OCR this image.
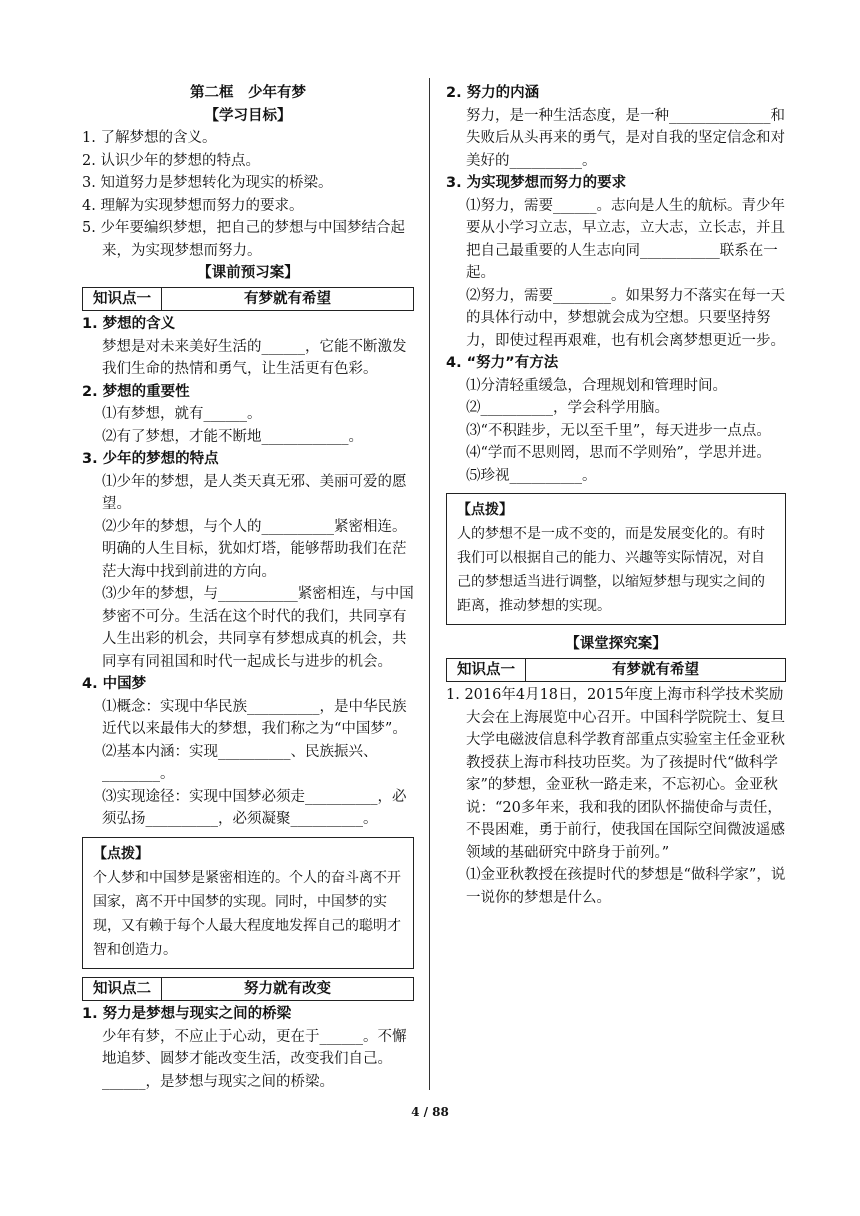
第二框　少年有梦
【学习目标】
1. 了解梦想的含义。
2. 认识少年的梦想的特点。
3. 知道努力是梦想转化为现实的桥梁。
4. 理解为实现梦想而努力的要求。
5. 少年要编织梦想，把自己的梦想与中国梦结合起来，为实现梦想而努力。
【课前预习案】
知识点一	有梦就有希望
1. 梦想的含义
梦想是对未来美好生活的______，它能不断激发我们生命的热情和勇气，让生活更有色彩。
2. 梦想的重要性
⑴有梦想，就有______。
⑵有了梦想，才能不断地____________。
3. 少年的梦想的特点
⑴少年的梦想，是人类天真无邪、美丽可爱的愿望。
⑵少年的梦想，与个人的__________紧密相连。明确的人生目标，犹如灯塔，能够帮助我们在茫茫大海中找到前进的方向。
⑶少年的梦想，与___________紧密相连，与中国梦密不可分。生活在这个时代的我们，共同享有人生出彩的机会，共同享有梦想成真的机会，共同享有同祖国和时代一起成长与进步的机会。
4. 中国梦
⑴概念：实现中华民族__________，是中华民族近代以来最伟大的梦想，我们称之为“中国梦”。
⑵基本内涵：实现__________、民族振兴、________。
⑶实现途径：实现中国梦必须走__________，必须弘扬__________，必须凝聚__________。
【点拨】
个人梦和中国梦是紧密相连的。个人的奋斗离不开国家，离不开中国梦的实现。同时，中国梦的实现，又有赖于每个人最大程度地发挥自己的聪明才智和创造力。
知识点二	努力就有改变
1. 努力是梦想与现实之间的桥梁
少年有梦，不应止于心动，更在于______。不懈地追梦、圆梦才能改变生活，改变我们自己。______，是梦想与现实之间的桥梁。
2. 努力的内涵
努力，是一种生活态度，是一种______________和失败后从头再来的勇气，是对自我的坚定信念和对美好的__________。
3. 为实现梦想而努力的要求
⑴努力，需要______。志向是人生的航标。青少年要从小学习立志，早立志，立大志，立长志，并且把自己最重要的人生志向同___________联系在一起。
⑵努力，需要________。如果努力不落实在每一天的具体行动中，梦想就会成为空想。只要坚持努力，即使过程再艰难，也有机会离梦想更近一步。
4. “努力”有方法
⑴分清轻重缓急，合理规划和管理时间。
⑵__________，学会科学用脑。
⑶“不积跬步，无以至千里”，每天进步一点点。
⑷“学而不思则罔，思而不学则殆”，学思并进。
⑸珍视__________。
【点拨】
人的梦想不是一成不变的，而是发展变化的。有时我们可以根据自己的能力、兴趣等实际情况，对自己的梦想适当进行调整，以缩短梦想与现实之间的距离，推动梦想的实现。
【课堂探究案】
知识点一	有梦就有希望
1. 2016年4月18日，2015年度上海市科学技术奖励大会在上海展览中心召开。中国科学院院士、复旦大学电磁波信息科学教育部重点实验室主任金亚秋教授获上海市科技功臣奖。为了孩提时代“做科学家”的梦想，金亚秋一路走来，不忘初心。金亚秋说：“20多年来，我和我的团队怀揣使命与责任，不畏困难，勇于前行，使我国在国际空间微波遥感领域的基础研究中跻身于前列。”
⑴金亚秋教授在孩提时代的梦想是“做科学家”，说一说你的梦想是什么。
4 / 88
